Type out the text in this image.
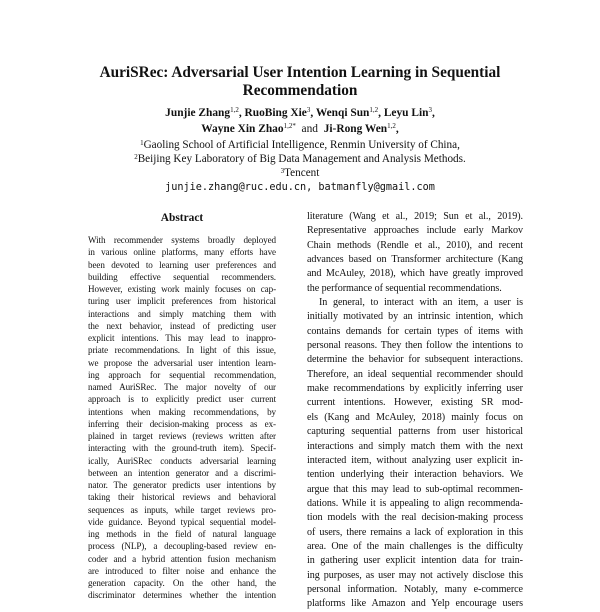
AuriSRec: Adversarial User Intention Learning in Sequential
Recommendation
Junjie Zhang$^{1,2}$, RuoBing Xie$^3$, Wenqi Sun$^{1,2}$, Leyu Lin$^3$,
Wayne Xin Zhao$^{1,2*}$ and Ji-Rong Wen$^{1,2}$,
$^1$Gaoling School of Artificial Intelligence, Renmin University of China,
$^2$Beijing Key Laboratory of Big Data Management and Analysis Methods.
$^3$Tencent
junjie.zhang@ruc.edu.cn, batmanfly@gmail.com
Abstract
With recommender systems broadly deployed
in various online platforms, many efforts have
been devoted to learning user preferences and
building effective sequential recommenders.
However, existing work mainly focuses on cap-
turing user implicit preferences from historical
interactions and simply matching them with
the next behavior, instead of predicting user
explicit intentions. This may lead to inappro-
priate recommendations. In light of this issue,
we propose the adversarial user intention learn-
ing approach for sequential recommendation,
named AuriSRec. The major novelty of our
approach is to explicitly predict user current
intentions when making recommendations, by
inferring their decision-making process as ex-
plained in target reviews (reviews written after
interacting with the ground-truth item). Specif-
ically, AuriSRec conducts adversarial learning
between an intention generator and a discrimi-
nator. The generator predicts user intentions by
taking their historical reviews and behavioral
sequences as inputs, while target reviews pro-
vide guidance. Beyond typical sequential model-
ing methods in the field of natural language
process (NLP), a decoupling-based review en-
coder and a hybrid attention fusion mechanism
are introduced to filter noise and enhance the
generation capacity. On the other hand, the
discriminator determines whether the intention
literature (Wang et al., 2019; Sun et al., 2019).
Representative approaches include early Markov
Chain methods (Rendle et al., 2010), and recent
advances based on Transformer architecture (Kang
and McAuley, 2018), which have greatly improved
the performance of sequential recommendations.
In general, to interact with an item, a user is
initially motivated by an intrinsic intention, which
contains demands for certain types of items with
personal reasons. They then follow the intentions to
determine the behavior for subsequent interactions.
Therefore, an ideal sequential recommender should
make recommendations by explicitly inferring user
current intentions. However, existing SR mod-
els (Kang and McAuley, 2018) mainly focus on
capturing sequential patterns from user historical
interactions and simply match them with the next
interacted item, without analyzing user explicit in-
tention underlying their interaction behaviors. We
argue that this may lead to sub-optimal recommen-
dations. While it is appealing to align recommenda-
tion models with the real decision-making process
of users, there remains a lack of exploration in this
area. One of the main challenges is the difficulty
in gathering user explicit intention data for train-
ing purposes, as user may not actively disclose this
personal information. Notably, many e-commerce
platforms like Amazon and Yelp encourage users
